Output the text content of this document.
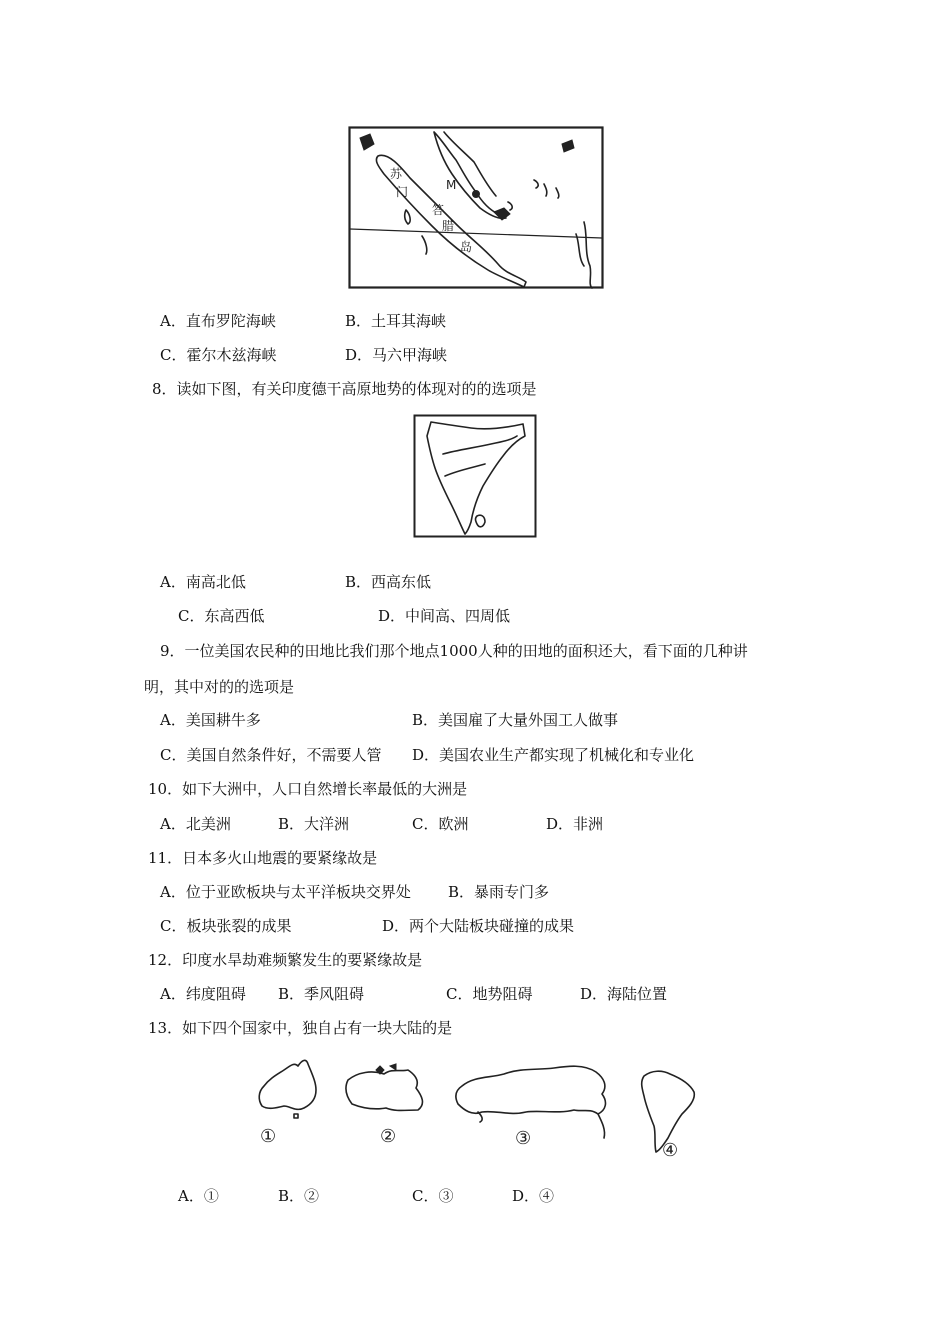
苏
M
门
答
腊
岛
A．直布罗陀海峡	B．土耳其海峡
C．霍尔木兹海峡	D．马六甲海峡
8．读如下图，有关印度德干高原地势的体现对的的选项是
A．南高北低	B．西高东低
C．东高西低	D．中间高、四周低
9．一位美国农民种的田地比我们那个地点1000人种的田地的面积还大，看下面的几种讲
明，其中对的的选项是
A．美国耕牛多	B．美国雇了大量外国工人做事
C．美国自然条件好，不需要人管 D．美国农业生产都实现了机械化和专业化
10．如下大洲中，人口自然增长率最低的大洲是
A．北美洲	B．大洋洲	C．欧洲	D．非洲
11．日本多火山地震的要紧缘故是
A．位于亚欧板块与太平洋板块交界处 B．暴雨专门多
C．板块张裂的成果	D．两个大陆板块碰撞的成果
12．印度水旱劫难频繁发生的要紧缘故是
A．纬度阻碍 B．季风阻碍	C．地势阻碍	D．海陆位置
13．如下四个国家中，独自占有一块大陆的是
①	②	③
④
A．①	B．②	C．③	D．④
